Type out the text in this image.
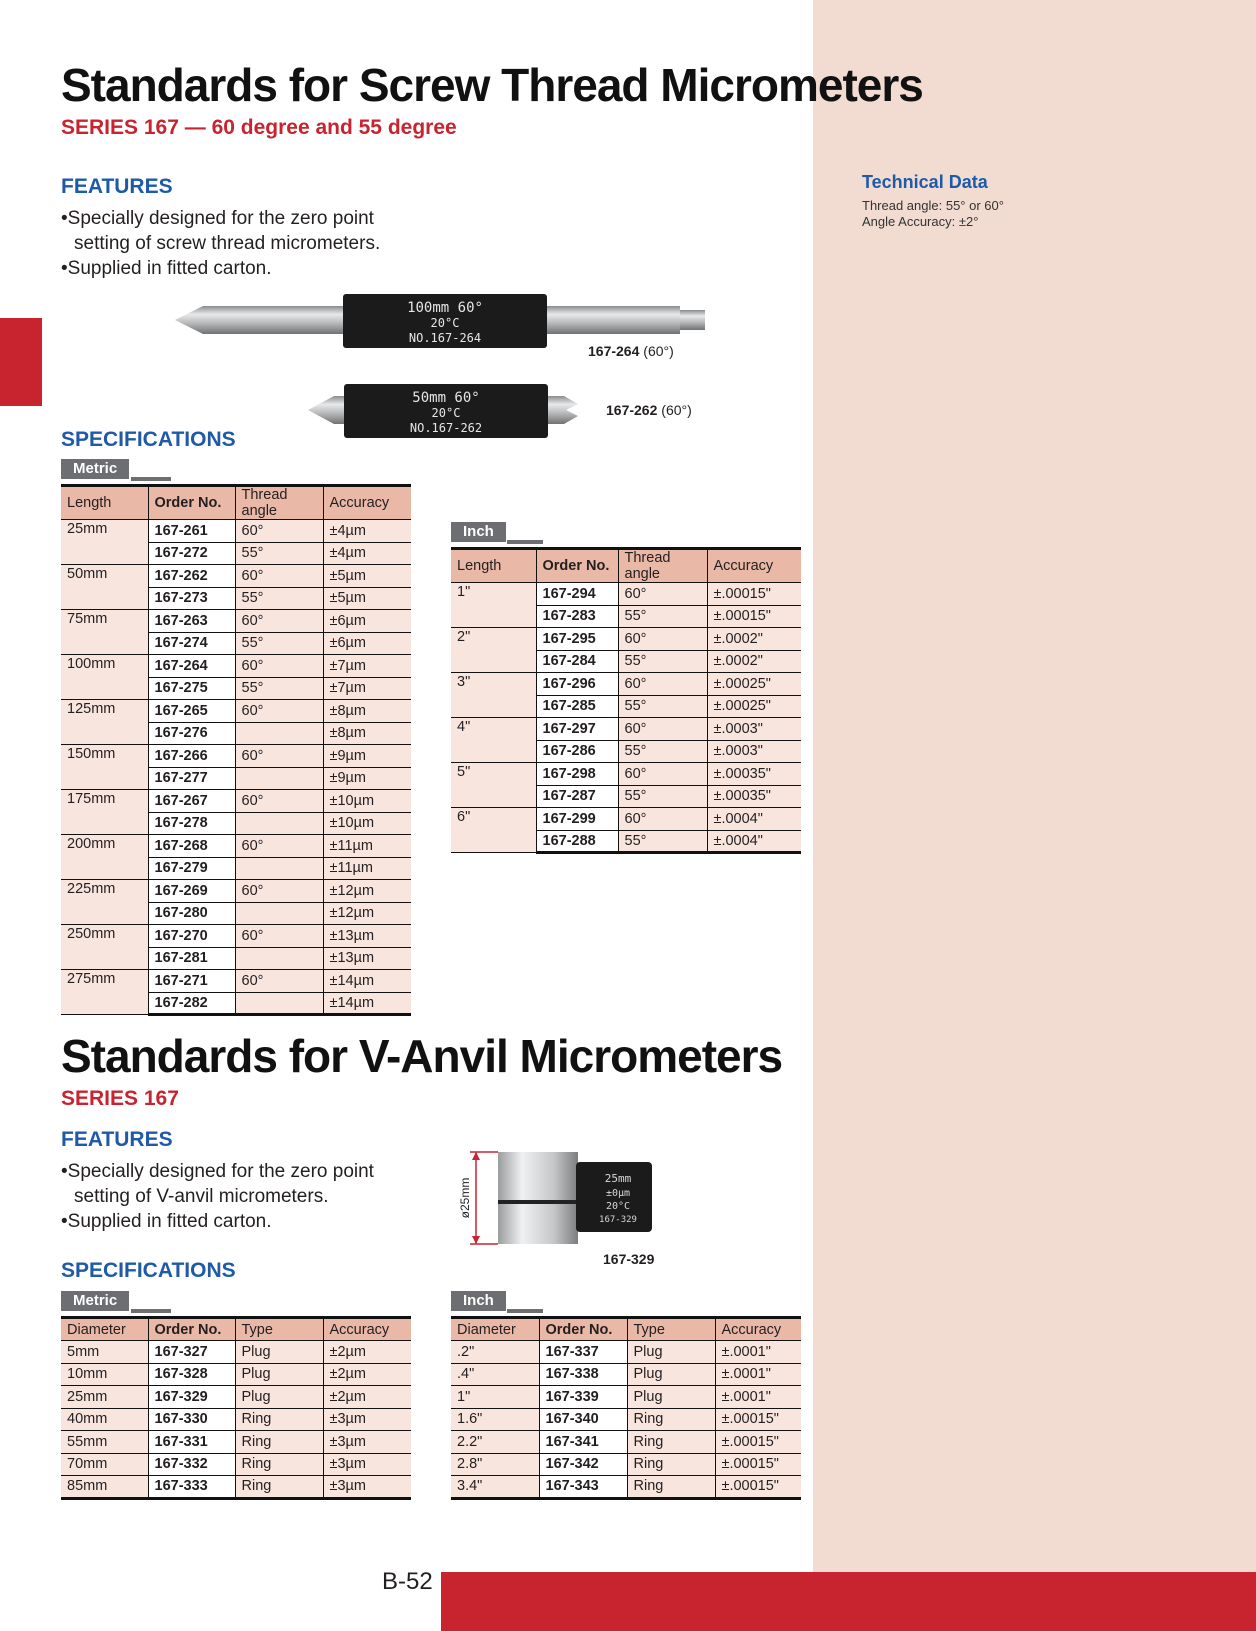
B-52
Technical Data
Thread angle: 55° or 60°
Angle Accuracy: ±2°
Standards for Screw Thread Micrometers
SERIES 167 — 60 degree and 55 degree
FEATURES
•Specially designed for the zero point setting of screw thread micrometers.
•Supplied in fitted carton.
100mm 60°
20°C
NO.167-264
167-264 (60°)
50mm 60°
20°C
NO.167-262
167-262 (60°)
SPECIFICATIONS
Metric
Length	Order No.	Thread angle	Accuracy
25mm	167-261	60°	±4µm
	167-272	55°	±4µm
50mm	167-262	60°	±5µm
	167-273	55°	±5µm
75mm	167-263	60°	±6µm
	167-274	55°	±6µm
100mm	167-264	60°	±7µm
	167-275	55°	±7µm
125mm	167-265	60°	±8µm
	167-276		±8µm
150mm	167-266	60°	±9µm
	167-277		±9µm
175mm	167-267	60°	±10µm
	167-278		±10µm
200mm	167-268	60°	±11µm
	167-279		±11µm
225mm	167-269	60°	±12µm
	167-280		±12µm
250mm	167-270	60°	±13µm
	167-281		±13µm
275mm	167-271	60°	±14µm
	167-282		±14µm
Inch
Length	Order No.	Thread angle	Accuracy
1"	167-294	60°	±.00015"
	167-283	55°	±.00015"
2"	167-295	60°	±.0002"
	167-284	55°	±.0002"
3"	167-296	60°	±.00025"
	167-285	55°	±.00025"
4"	167-297	60°	±.0003"
	167-286	55°	±.0003"
5"	167-298	60°	±.00035"
	167-287	55°	±.00035"
6"	167-299	60°	±.0004"
	167-288	55°	±.0004"
Standards for V-Anvil Micrometers
SERIES 167
FEATURES
•Specially designed for the zero point setting of V-anvil micrometers.
•Supplied in fitted carton.
ø25mm	25mm
±0µm
20°C
167-329
167-329
SPECIFICATIONS
Metric
Diameter	Order No.	Type	Accuracy
5mm	167-327	Plug	±2µm
10mm	167-328	Plug	±2µm
25mm	167-329	Plug	±2µm
40mm	167-330	Ring	±3µm
55mm	167-331	Ring	±3µm
70mm	167-332	Ring	±3µm
85mm	167-333	Ring	±3µm
Inch
Diameter	Order No.	Type	Accuracy
.2"	167-337	Plug	±.0001"
.4"	167-338	Plug	±.0001"
1"	167-339	Plug	±.0001"
1.6"	167-340	Ring	±.00015"
2.2"	167-341	Ring	±.00015"
2.8"	167-342	Ring	±.00015"
3.4"	167-343	Ring	±.00015"
